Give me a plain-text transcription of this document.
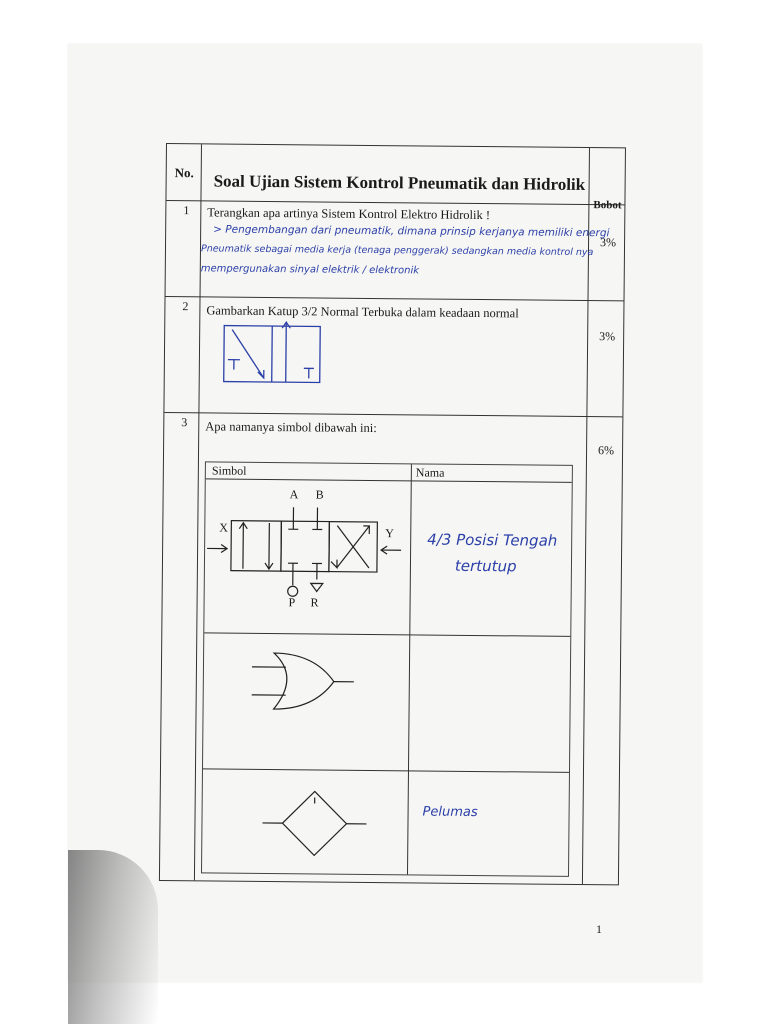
No. Soal Ujian Sistem Kontrol Pneumatik dan Hidrolik
Bobot
1 Terangkan apa artinya Sistem Kontrol Elektro Hidrolik !
3%
> Pengembangan dari pneumatik, dimana prinsip kerjanya memiliki energi
Pneumatik sebagai media kerja (tenaga penggerak) sedangkan media kontrol nya
mempergunakan sinyal elektrik / elektronik
2 Gambarkan Katup 3/2 Normal Terbuka dalam keadaan normal
3%
3 Apa namanya simbol dibawah ini:
6%
Simbol	Nama
A B
X	Y
P R
4/3 Posisi Tengah
tertutup
Pelumas
1
